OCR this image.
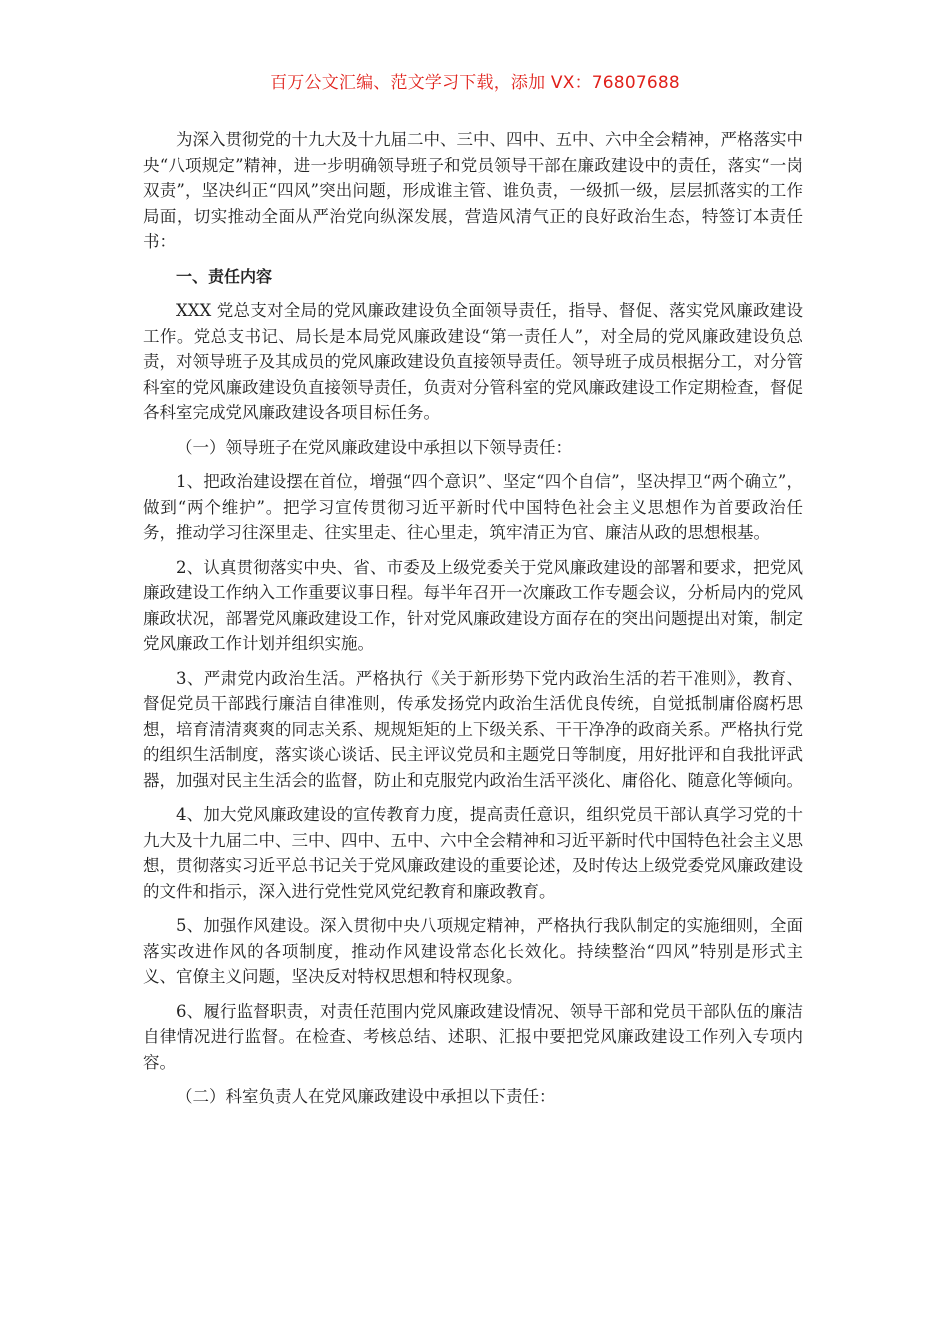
百万公文汇编、范文学习下载，添加 VX：76807688

为深入贯彻党的十九大及十九届二中、三中、四中、五中、六中全会精神，严格落实中央“八项规定”精神，进一步明确领导班子和党员领导干部在廉政建设中的责任，落实“一岗双责”，坚决纠正“四风”突出问题，形成谁主管、谁负责，一级抓一级，层层抓落实的工作局面，切实推动全面从严治党向纵深发展，营造风清气正的良好政治生态，特签订本责任书：

一、责任内容

XXX 党总支对全局的党风廉政建设负全面领导责任，指导、督促、落实党风廉政建设工作。党总支书记、局长是本局党风廉政建设“第一责任人”，对全局的党风廉政建设负总责，对领导班子及其成员的党风廉政建设负直接领导责任。领导班子成员根据分工，对分管科室的党风廉政建设负直接领导责任，负责对分管科室的党风廉政建设工作定期检查，督促各科室完成党风廉政建设各项目标任务。

（一）领导班子在党风廉政建设中承担以下领导责任：

1、把政治建设摆在首位，增强“四个意识”、坚定“四个自信”，坚决捍卫“两个确立”，做到“两个维护”。把学习宣传贯彻习近平新时代中国特色社会主义思想作为首要政治任务，推动学习往深里走、往实里走、往心里走，筑牢清正为官、廉洁从政的思想根基。

2、认真贯彻落实中央、省、市委及上级党委关于党风廉政建设的部署和要求，把党风廉政建设工作纳入工作重要议事日程。每半年召开一次廉政工作专题会议，分析局内的党风廉政状况，部署党风廉政建设工作，针对党风廉政建设方面存在的突出问题提出对策，制定党风廉政工作计划并组织实施。

3、严肃党内政治生活。严格执行《关于新形势下党内政治生活的若干准则》，教育、督促党员干部践行廉洁自律准则，传承发扬党内政治生活优良传统，自觉抵制庸俗腐朽思想，培育清清爽爽的同志关系、规规矩矩的上下级关系、干干净净的政商关系。严格执行党的组织生活制度，落实谈心谈话、民主评议党员和主题党日等制度，用好批评和自我批评武器，加强对民主生活会的监督，防止和克服党内政治生活平淡化、庸俗化、随意化等倾向。

4、加大党风廉政建设的宣传教育力度，提高责任意识，组织党员干部认真学习党的十九大及十九届二中、三中、四中、五中、六中全会精神和习近平新时代中国特色社会主义思想，贯彻落实习近平总书记关于党风廉政建设的重要论述，及时传达上级党委党风廉政建设的文件和指示，深入进行党性党风党纪教育和廉政教育。

5、加强作风建设。深入贯彻中央八项规定精神，严格执行我队制定的实施细则，全面落实改进作风的各项制度，推动作风建设常态化长效化。持续整治“四风”特别是形式主义、官僚主义问题，坚决反对特权思想和特权现象。

6、履行监督职责，对责任范围内党风廉政建设情况、领导干部和党员干部队伍的廉洁自律情况进行监督。在检查、考核总结、述职、汇报中要把党风廉政建设工作列入专项内容。

（二）科室负责人在党风廉政建设中承担以下责任：
